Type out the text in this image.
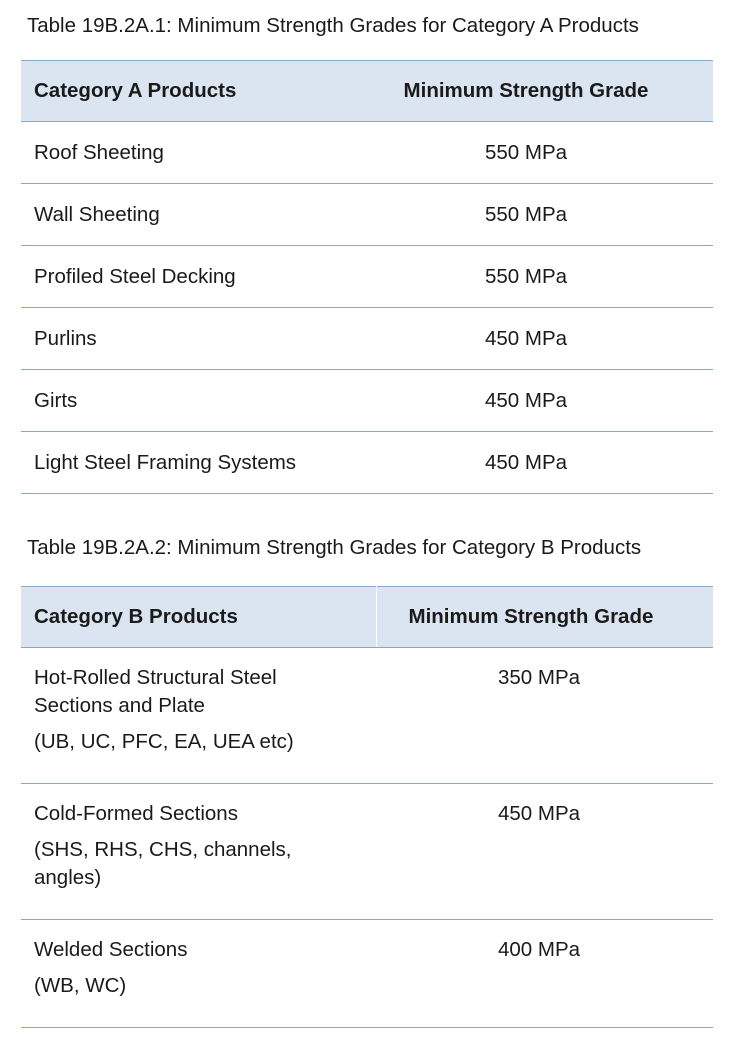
Table 19B.2A.1: Minimum Strength Grades for Category A Products
Category A Products	Minimum Strength Grade
Roof Sheeting	550 MPa
Wall Sheeting	550 MPa
Profiled Steel Decking	550 MPa
Purlins	450 MPa
Girts	450 MPa
Light Steel Framing Systems	450 MPa
Table 19B.2A.2: Minimum Strength Grades for Category B Products
Category B Products	Minimum Strength Grade

Hot-Rolled Structural Steel
Sections and Plate
(UB, UC, PFC, EA, UEA etc)	350 MPa

Cold-Formed Sections
(SHS, RHS, CHS, channels,
angles)	450 MPa

Welded Sections
(WB, WC)	400 MPa
